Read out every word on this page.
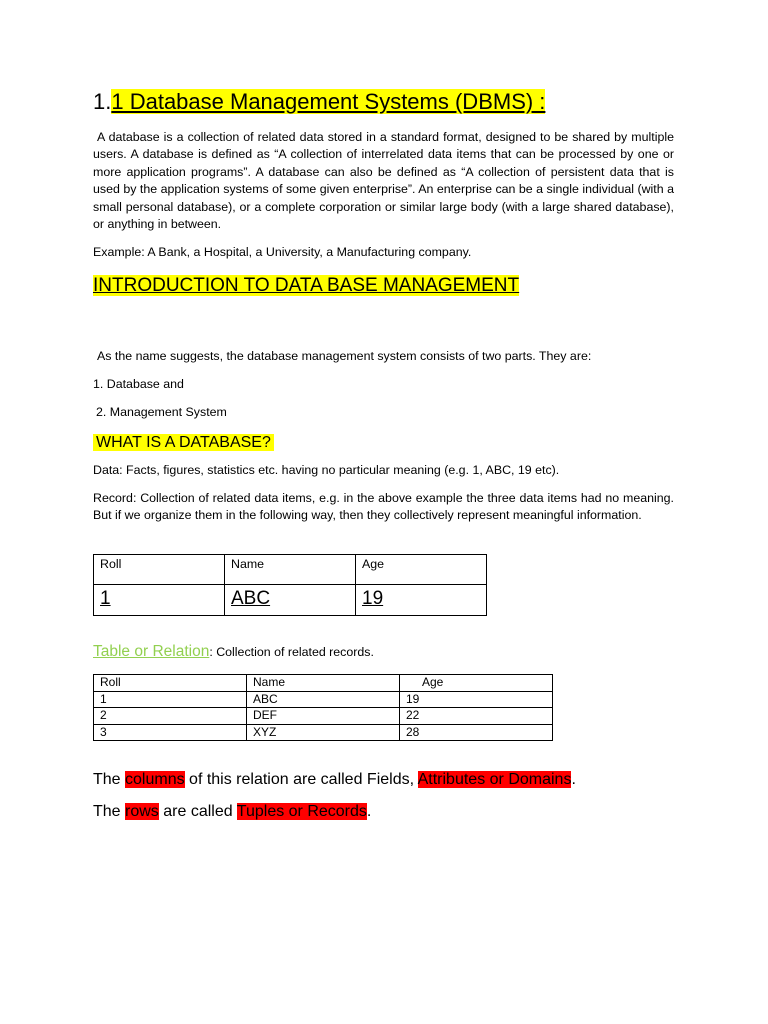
1.1 Database Management Systems (DBMS) :
A database is a collection of related data stored in a standard format, designed to be shared by multiple users. A database is defined as “A collection of interrelated data items that can be processed by one or more application programs”. A database can also be defined as “A collection of persistent data that is used by the application systems of some given enterprise”. An enterprise can be a single individual (with a small personal database), or a complete corporation or similar large body (with a large shared database), or anything in between.
Example: A Bank, a Hospital, a University, a Manufacturing company.
INTRODUCTION TO DATA BASE MANAGEMENT
As the name suggests, the database management system consists of two parts. They are:
1. Database and
2. Management System
WHAT IS A DATABASE?
Data: Facts, figures, statistics etc. having no particular meaning (e.g. 1, ABC, 19 etc).
Record: Collection of related data items, e.g. in the above example the three data items had no meaning. But if we organize them in the following way, then they collectively represent meaningful information.
Roll	Name	Age
1	ABC	19
Table or Relation: Collection of related records.
Roll	Name	Age
1	ABC	19
2	DEF	22
3	XYZ	28
The columns of this relation are called Fields, Attributes or Domains.
The rows are called Tuples or Records.
